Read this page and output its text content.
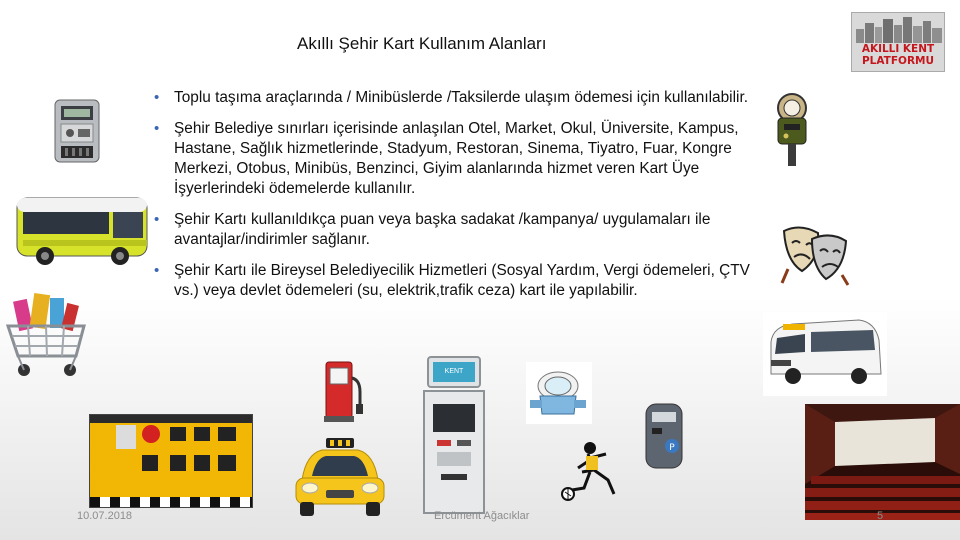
Akıllı Şehir Kart Kullanım Alanları	AKILLI KENT
PLATFORMU
• Toplu taşıma araçlarında / Minibüslerde /Taksilerde ulaşım ödemesi için kullanılabilir.
• Şehir Belediye sınırları içerisinde anlaşılan Otel, Market, Okul, Üniversite, Kampus, Hastane, Sağlık hizmetlerinde, Stadyum, Restoran, Sinema, Tiyatro, Fuar, Kongre Merkezi, Otobus, Minibüs, Benzinci, Giyim alanlarında hizmet veren Kart Üye İşyerlerindeki ödemelerde kullanılır.
• Şehir Kartı kullanıldıkça puan veya başka sadakat /kampanya/ uygulamaları ile avantajlar/indirimler sağlanır.
• Şehir Kartı ile Bireysel Belediyecilik Hizmetleri (Sosyal Yardım, Vergi ödemeleri, ÇTV vs.) veya devlet ödemeleri (su, elektrik,trafik ceza) kart ile yapılabilir.
KENT
P
10.07.2018	Ercüment Ağacıklar	5
